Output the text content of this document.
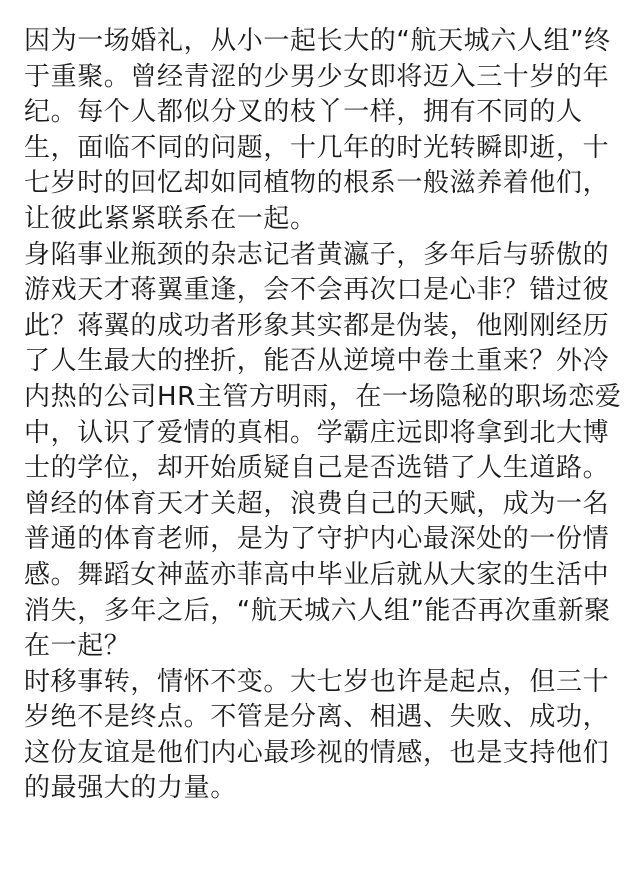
因为一场婚礼，从小一起长大的“航天城六人组”终
于重聚。曾经青涩的少男少女即将迈入三十岁的年
纪。每个人都似分叉的枝丫一样，拥有不同的人
生，面临不同的问题，十几年的时光转瞬即逝，十
七岁时的回忆却如同植物的根系一般滋养着他们，
让彼此紧紧联系在一起。
身陷事业瓶颈的杂志记者黄瀛子，多年后与骄傲的
游戏天才蒋翼重逢，会不会再次口是心非？错过彼
此？蒋翼的成功者形象其实都是伪装，他刚刚经历
了人生最大的挫折，能否从逆境中卷土重来？外冷
内热的公司HR主管方明雨，在一场隐秘的职场恋爱
中，认识了爱情的真相。学霸庄远即将拿到北大博
士的学位，却开始质疑自己是否选错了人生道路。
曾经的体育天才关超，浪费自己的天赋，成为一名
普通的体育老师，是为了守护内心最深处的一份情
感。舞蹈女神蓝亦菲高中毕业后就从大家的生活中
消失，多年之后，“航天城六人组”能否再次重新聚
在一起？
时移事转，情怀不变。大七岁也许是起点，但三十
岁绝不是终点。不管是分离、相遇、失败、成功，
这份友谊是他们内心最珍视的情感，也是支持他们
的最强大的力量。
